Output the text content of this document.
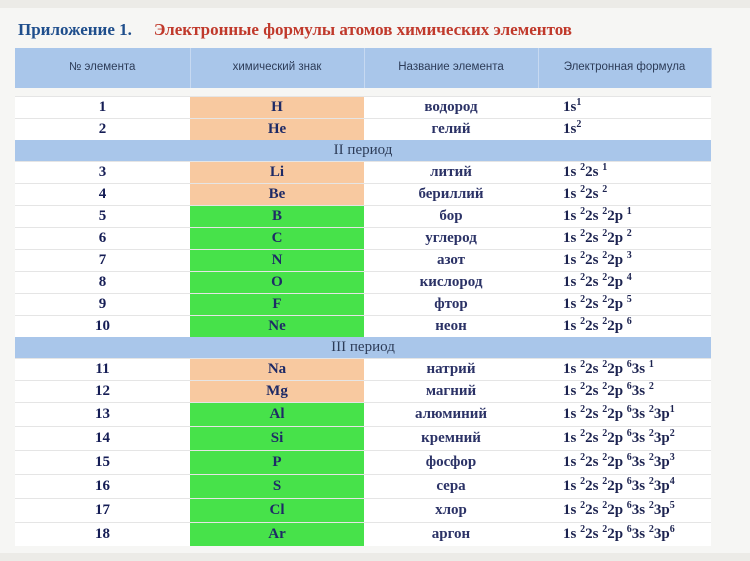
Приложение 1. Электронные формулы атомов химических элементов
№ элемента	химический знак	Название элемента	Электронная формула

1	H	водород	$1s^1$
2	He	гелий	$1s^2$
II период			
3	Li	литий	1s $^2$2s $^1$
4	Be	бериллий	1s $^2$2s $^2$
5	B	бор	1s $^2$2s $^2$2p $^1$
6	C	углерод	1s $^2$2s $^2$2p $^2$
7	N	азот	1s $^2$2s $^2$2p $^3$
8	O	кислород	1s $^2$2s $^2$2p $^4$
9	F	фтор	1s $^2$2s $^2$2p $^5$
10	Ne	неон	1s $^2$2s $^2$2p $^6$
III период			
11	Na	натрий	1s $^2$2s $^2$2p $^6$3s $^1$
12	Mg	магний	1s $^2$2s $^2$2p $^6$3s $^2$
13	Al	алюминий	1s $^2$2s $^2$2p $^6$3s $^23p^1$
14	Si	кремний	1s $^2$2s $^2$2p $^6$3s $^23p^2$
15	P	фосфор	1s $^2$2s $^2$2p $^6$3s $^23p^3$
16	S	сера	1s $^2$2s $^2$2p $^6$3s $^23p^4$
17	Cl	хлор	1s $^2$2s $^2$2p $^6$3s $^23p^5$
18	Ar	аргон	1s $^2$2s $^2$2p $^6$3s $^23p^6$
